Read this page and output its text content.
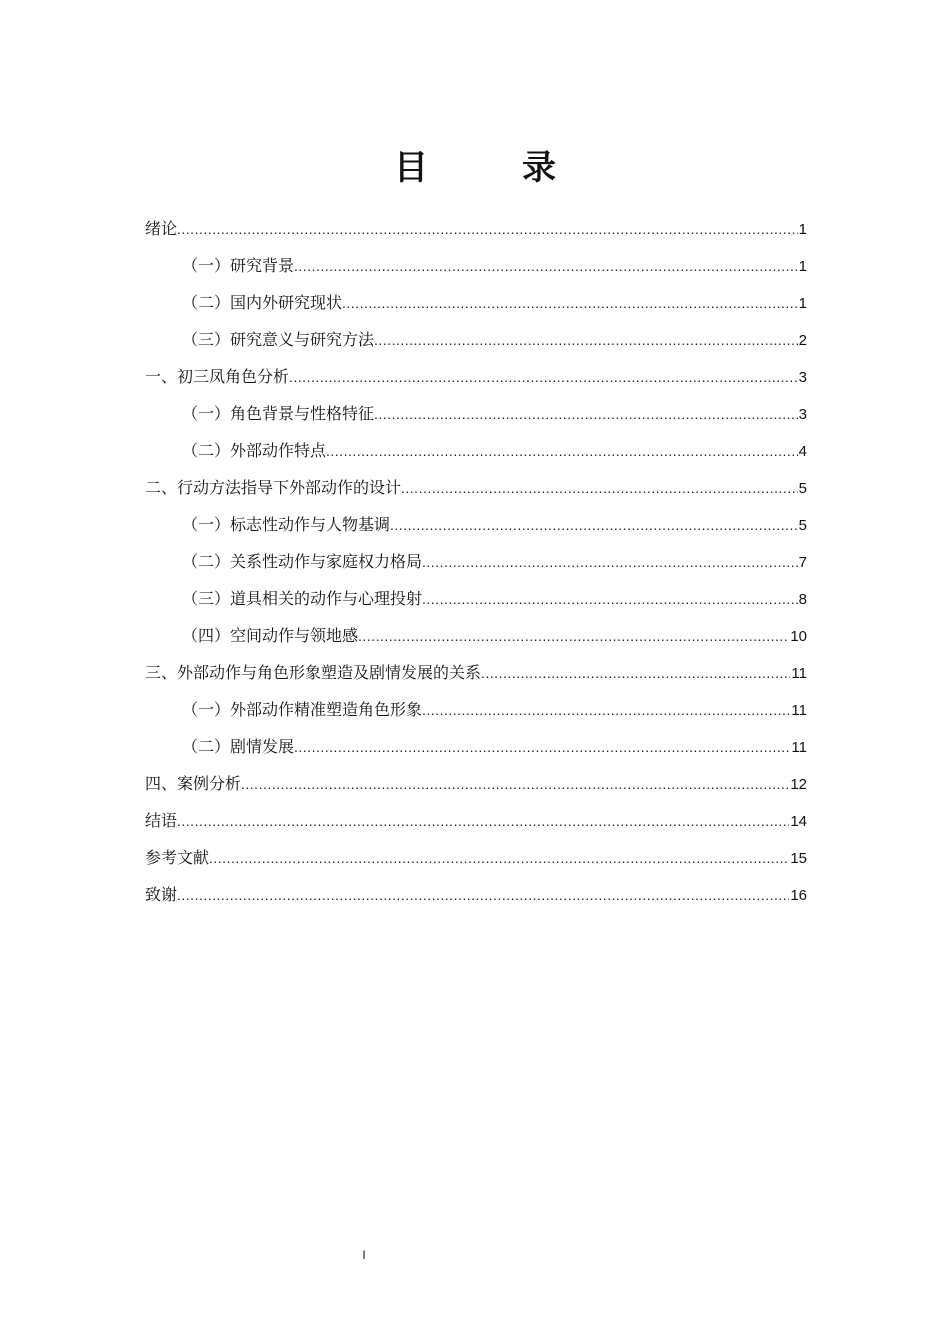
目　录
绪论 .....	1
（一）研究背景 .....	1
（二）国内外研究现状 .....	1
（三）研究意义与研究方法 .....	2
一、初三凤角色分析 .....	3
（一）角色背景与性格特征 .....	3
（二）外部动作特点 .....	4
二、行动方法指导下外部动作的设计 .....	5
（一）标志性动作与人物基调 .....	5
（二）关系性动作与家庭权力格局 .....	7
（三）道具相关的动作与心理投射 .....	8
（四）空间动作与领地感 .....	10
三、外部动作与角色形象塑造及剧情发展的关系 .....	11
（一）外部动作精准塑造角色形象 .....	11
（二）剧情发展 .....	11
四、案例分析 .....	12
结语 .....	14
参考文献 .....	15
致谢 .....	16
I
